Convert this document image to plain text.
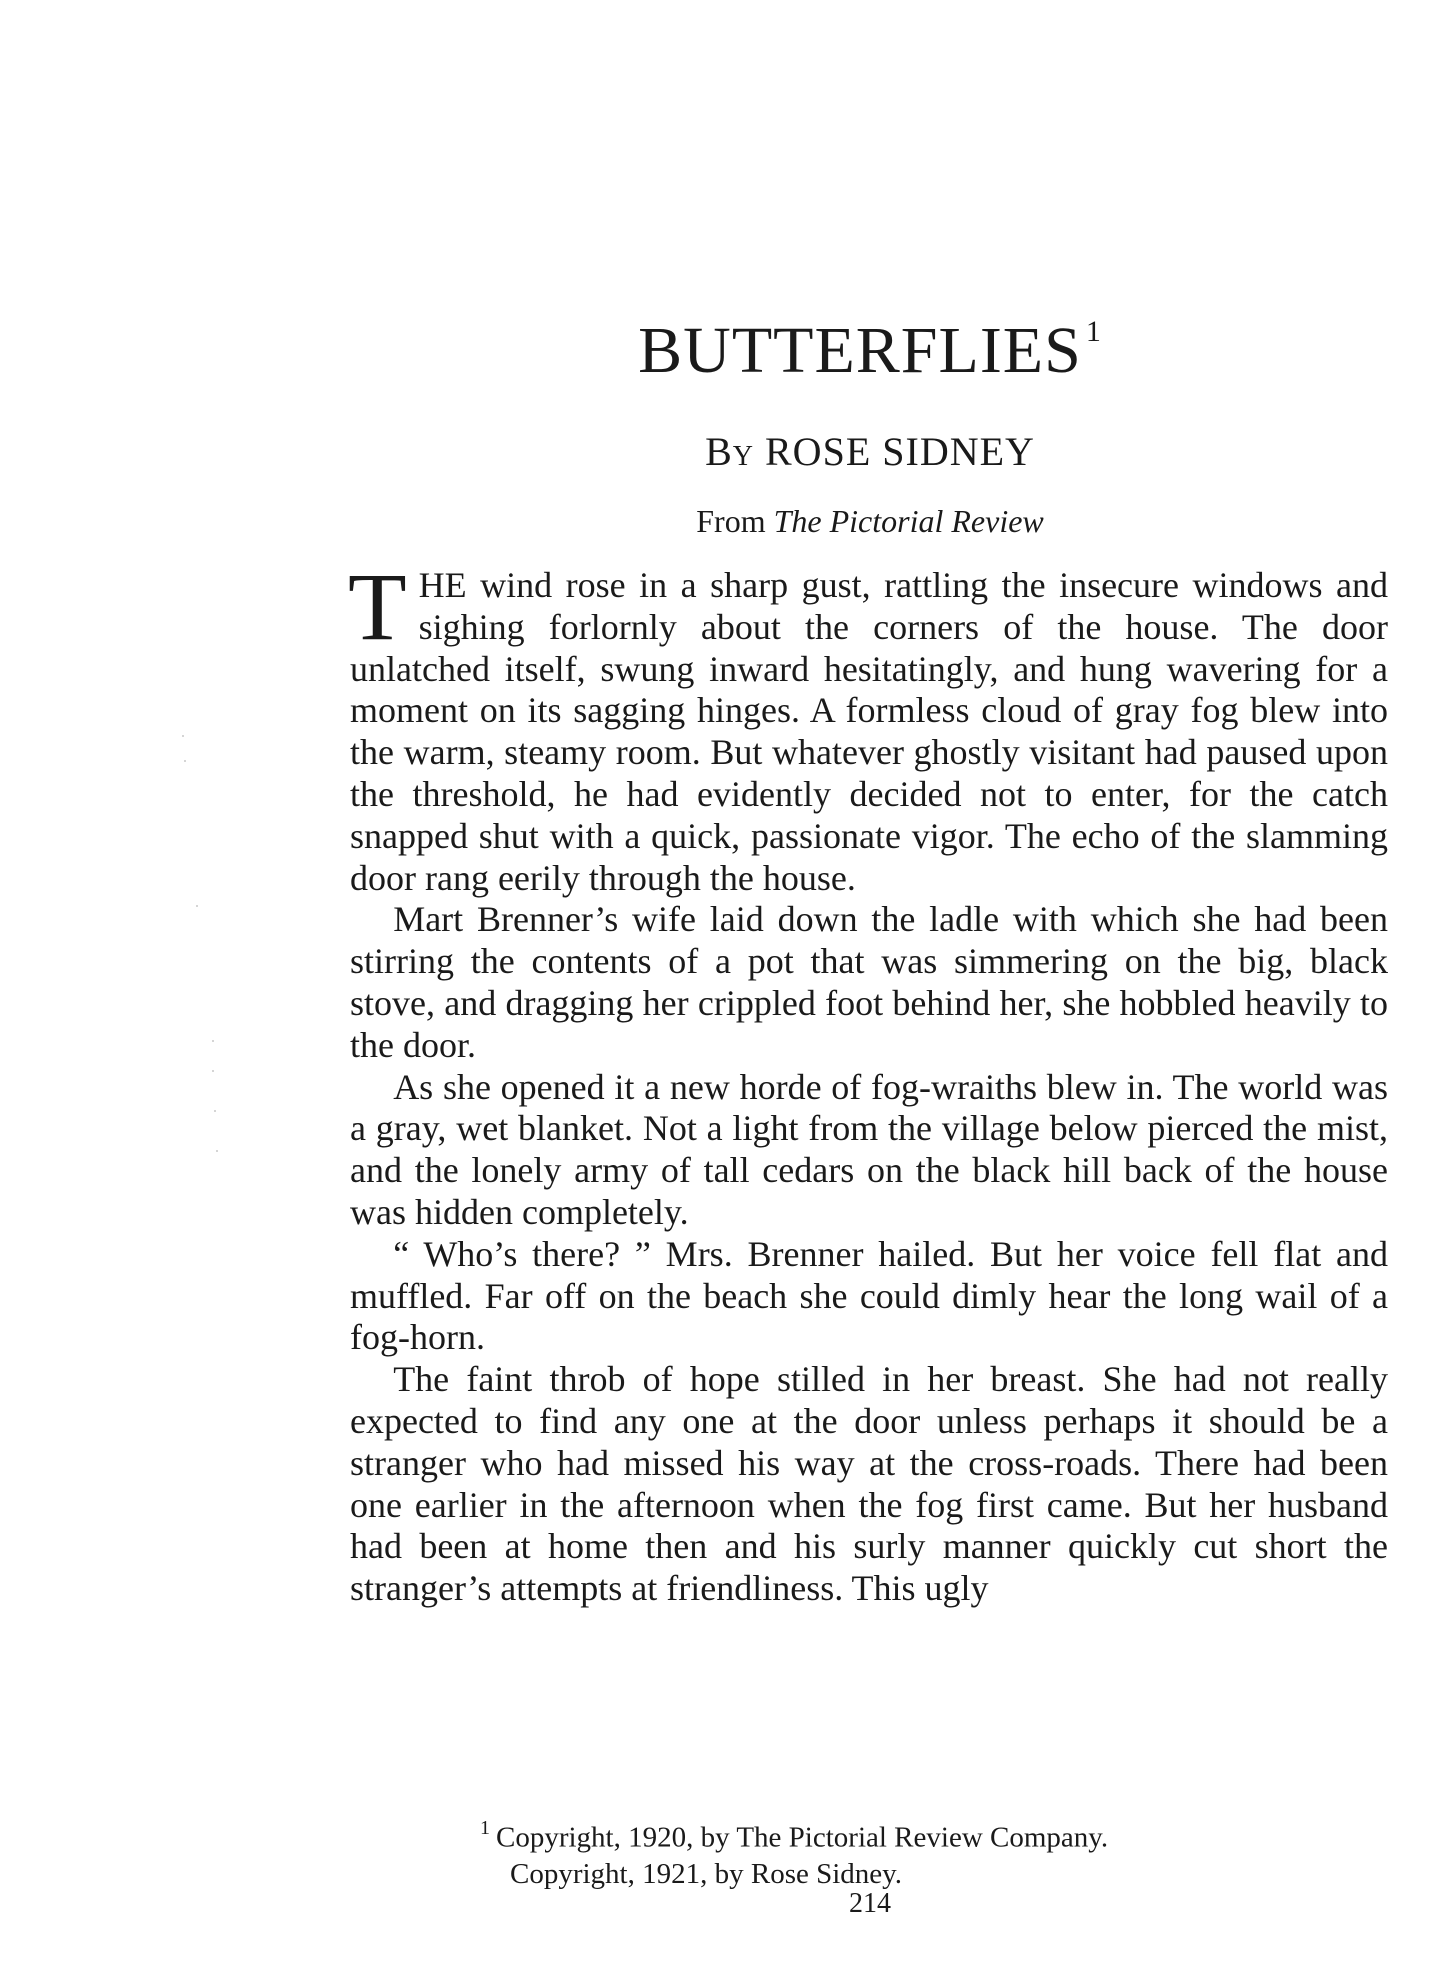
BUTTERFLIES $^1$
By ROSE SIDNEY
From The Pictorial Review

THE wind rose in a sharp gust, rattling the insecure windows and sighing forlornly about the corners of the house. The door unlatched itself, swung inward hesitatingly, and hung wavering for a moment on its sagging hinges. A formless cloud of gray fog blew into the warm, steamy room. But whatever ghostly visitant had paused upon the threshold, he had evidently decided not to enter, for the catch snapped shut with a quick, passionate vigor. The echo of the slamming door rang eerily through the house.

Mart Brenner’s wife laid down the ladle with which she had been stirring the contents of a pot that was simmering on the big, black stove, and dragging her crippled foot behind her, she hobbled heavily to the door.

As she opened it a new horde of fog-wraiths blew in. The world was a gray, wet blanket. Not a light from the village below pierced the mist, and the lonely army of tall cedars on the black hill back of the house was hidden completely.

“ Who’s there? ” Mrs. Brenner hailed. But her voice fell flat and muffled. Far off on the beach she could dimly hear the long wail of a fog-horn.

The faint throb of hope stilled in her breast. She had not really expected to find any one at the door unless perhaps it should be a stranger who had missed his way at the cross-roads. There had been one earlier in the afternoon when the fog first came. But her husband had been at home then and his surly manner quickly cut short the stranger’s attempts at friendliness. This ugly

$^1$ Copyright, 1920, by The Pictorial Review Company.
Copyright, 1921, by Rose Sidney.
214
